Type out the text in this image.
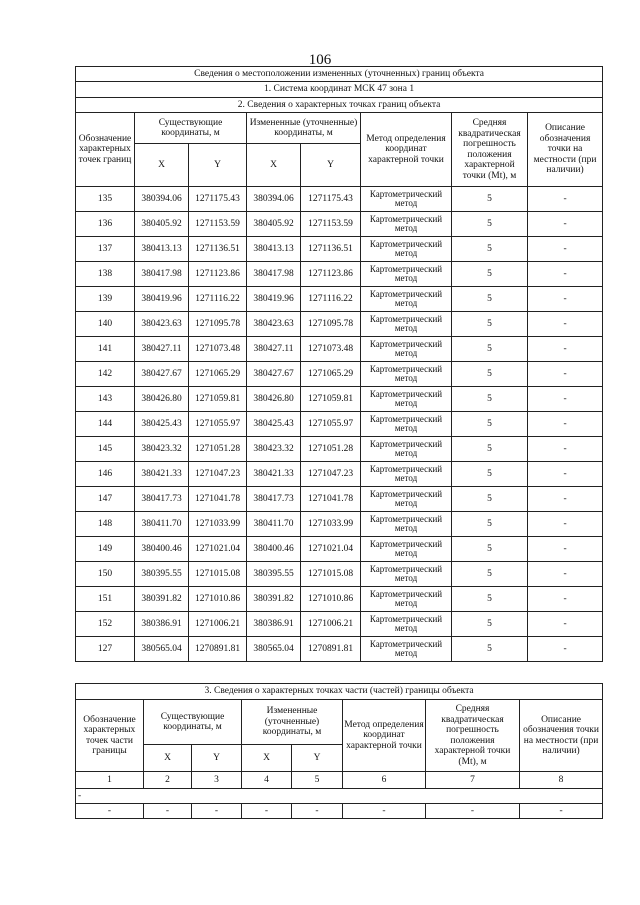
106
Сведения о местоположении измененных (уточненных) границ объекта							
1. Система координат МСК 47 зона 1							
2. Сведения о характерных точках границ объекта							
Обозначение характерных точек границ	Существующие координаты, м		Измененные (уточненные) координаты, м		Метод определения координат характерной точки	Средняя квадратическая погрешность положения характерной точки (Mt), м	Описание обозначения точки на местности (при наличии)
	X	Y	X	Y			
135	380394.06	1271175.43	380394.06	1271175.43	Картометрический метод	5	-
136	380405.92	1271153.59	380405.92	1271153.59	Картометрический метод	5	-
137	380413.13	1271136.51	380413.13	1271136.51	Картометрический метод	5	-
138	380417.98	1271123.86	380417.98	1271123.86	Картометрический метод	5	-
139	380419.96	1271116.22	380419.96	1271116.22	Картометрический метод	5	-
140	380423.63	1271095.78	380423.63	1271095.78	Картометрический метод	5	-
141	380427.11	1271073.48	380427.11	1271073.48	Картометрический метод	5	-
142	380427.67	1271065.29	380427.67	1271065.29	Картометрический метод	5	-
143	380426.80	1271059.81	380426.80	1271059.81	Картометрический метод	5	-
144	380425.43	1271055.97	380425.43	1271055.97	Картометрический метод	5	-
145	380423.32	1271051.28	380423.32	1271051.28	Картометрический метод	5	-
146	380421.33	1271047.23	380421.33	1271047.23	Картометрический метод	5	-
147	380417.73	1271041.78	380417.73	1271041.78	Картометрический метод	5	-
148	380411.70	1271033.99	380411.70	1271033.99	Картометрический метод	5	-
149	380400.46	1271021.04	380400.46	1271021.04	Картометрический метод	5	-
150	380395.55	1271015.08	380395.55	1271015.08	Картометрический метод	5	-
151	380391.82	1271010.86	380391.82	1271010.86	Картометрический метод	5	-
152	380386.91	1271006.21	380386.91	1271006.21	Картометрический метод	5	-
127	380565.04	1270891.81	380565.04	1270891.81	Картометрический метод	5	-
3. Сведения о характерных точках части (частей) границы объекта							
Обозначение характерных точек части границы	Существующие координаты, м		Измененные (уточненные) координаты, м		Метод определения координат характерной точки	Средняя квадратическая погрешность положения характерной точки (Mt), м	Описание обозначения точки на местности (при наличии)
	X	Y	X	Y			
1	2	3	4	5	6	7	8
-							
-	-	-	-	-	-	-	-
